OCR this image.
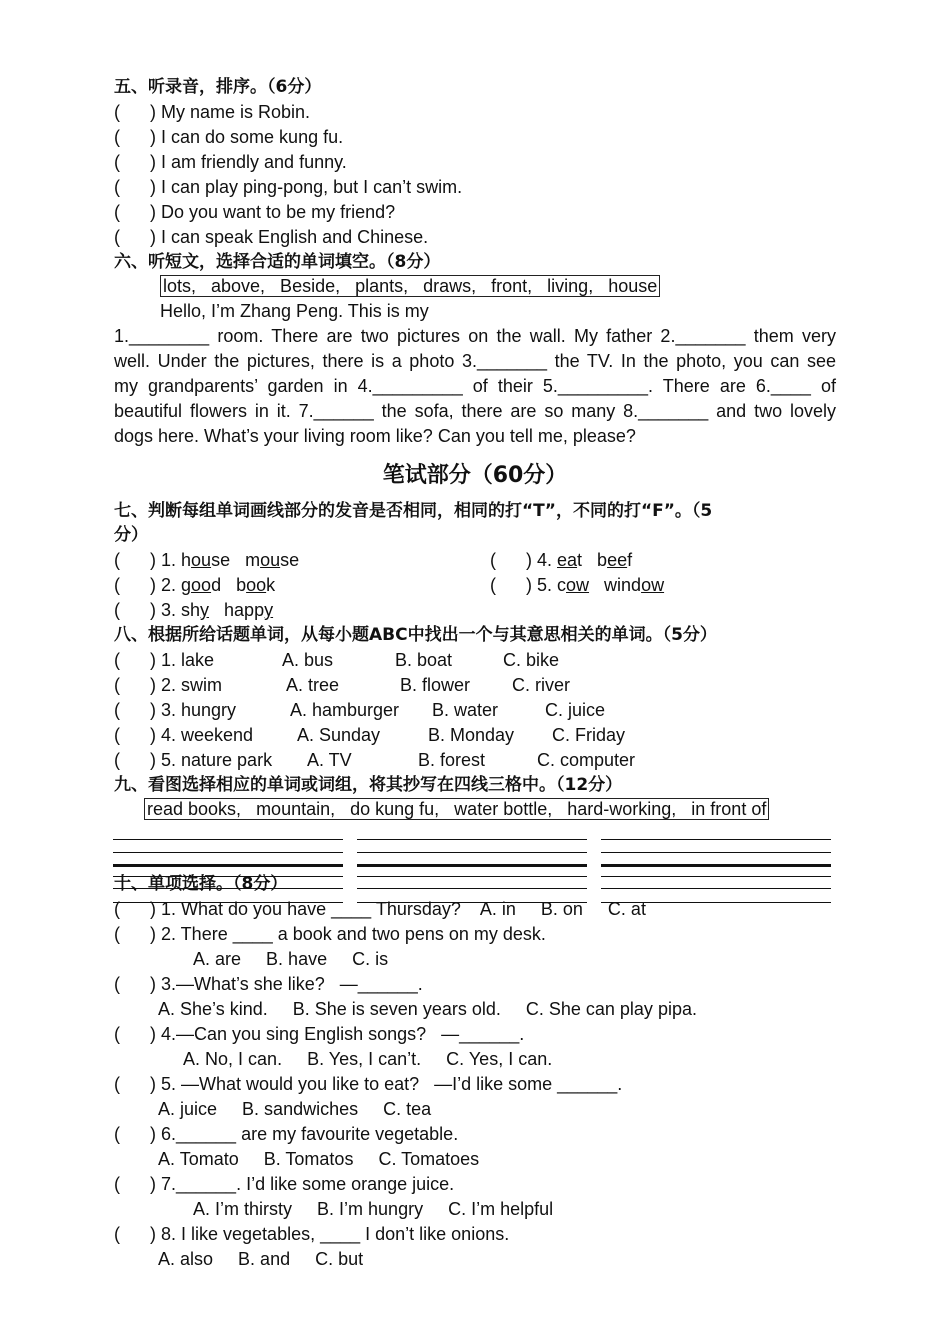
五、听录音，排序。（6分）
(      ) My name is Robin.
(      ) I can do some kung fu.
(      ) I am friendly and funny.
(      ) I can play ping-pong, but I can’t swim.
(      ) Do you want to be my friend?
(      ) I can speak English and Chinese.
六、听短文，选择合适的单词填空。（8分）
lots,   above,   Beside,   plants,   draws,   front,   living,   house
Hello, I’m Zhang Peng. This is my
1.________ room. There are two pictures on the wall. My father 2._______ them very
well. Under the pictures, there is a photo 3._______ the TV. In the photo, you can see
my grandparents’ garden in 4._________ of their 5._________. There are 6.____ of
beautiful flowers in it. 7.______ the sofa, there are so many 8._______ and two lovely
dogs here. What’s your living room like? Can you tell me, please?
笔试部分（60分）
七、判断每组单词画线部分的发音是否相同，相同的打“T”，不同的打“F”。（5
分）
(      ) 1. house   mouse
(      ) 2. good   book
(      ) 3. shy   happy
(      ) 4. eat   beef
(      ) 5. cow   window
八、根据所给话题单词，从每小题ABC中找出一个与其意思相关的单词。（5分）
(      ) 1. lake	A. bus	B. boat	C. bike
(      ) 2. swim	A. tree	B. flower C. river
(      ) 3. hungry	A. hamburger B. water	C. juice
(      ) 4. weekend A. Sunday	B. Monday C. Friday
(      ) 5. nature park A. TV	B. forest	C. computer
九、看图选择相应的单词或词组，将其抄写在四线三格中。（12分）
read books,   mountain,   do kung fu,   water bottle,   hard-working,   in front of
十、单项选择。（8分）
(      ) 1. What do you have ____ Thursday?    A. in     B. on     C. at
(      ) 2. There ____ a book and two pens on my desk.
A. are     B. have     C. is
(      ) 3.—What’s she like?   —______.
A. She’s kind.     B. She is seven years old.     C. She can play pipa.
(      ) 4.—Can you sing English songs?   —______.
A. No, I can.     B. Yes, I can’t.     C. Yes, I can.
(      ) 5. —What would you like to eat?   —I’d like some ______.
A. juice     B. sandwiches     C. tea
(      ) 6.______ are my favourite vegetable.
A. Tomato     B. Tomatos     C. Tomatoes
(      ) 7.______. I’d like some orange juice.
A. I’m thirsty     B. I’m hungry     C. I’m helpful
(      ) 8. I like vegetables, ____ I don’t like onions.
A. also     B. and     C. but
